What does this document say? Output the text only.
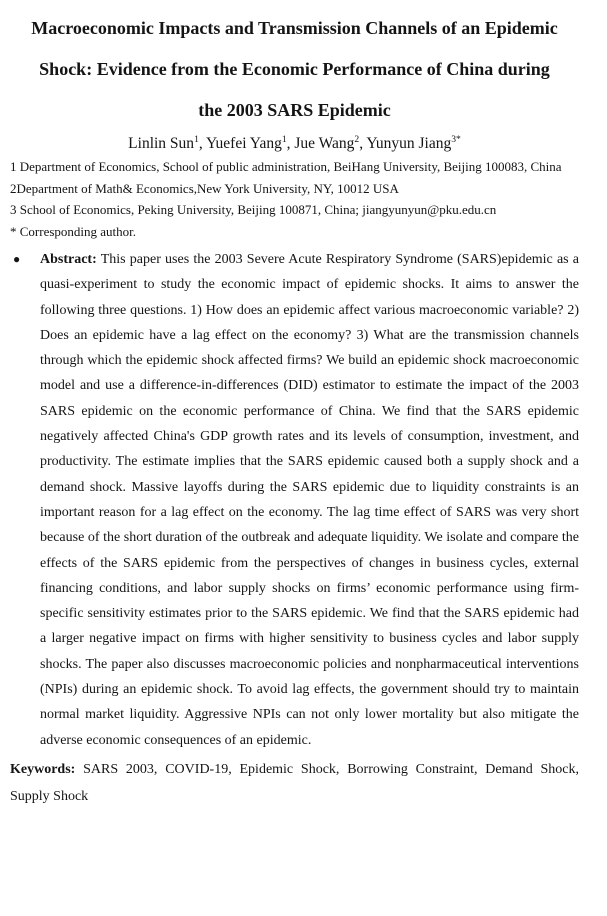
Macroeconomic Impacts and Transmission Channels of an Epidemic
Shock: Evidence from the Economic Performance of China during
the 2003 SARS Epidemic
Linlin Sun$^1$, Yuefei Yang$^1$, Jue Wang$^2$, Yunyun Jiang$^{3*}$

1 Department of Economics, School of public administration, BeiHang University, Beijing 100083, China

2Department of Math& Economics,New York University, NY, 10012 USA

3 School of Economics, Peking University, Beijing 100871, China; jiangyunyun@pku.edu.cn

* Corresponding author.

●	Abstract: This paper uses the 2003 Severe Acute Respiratory Syndrome (SARS)epidemic as a quasi-experiment to study the economic impact of epidemic shocks. It aims to answer the following three questions. 1) How does an epidemic affect various macroeconomic variable? 2) Does an epidemic have a lag effect on the economy? 3) What are the transmission channels through which the epidemic shock affected firms? We build an epidemic shock macroeconomic model and use a difference-in-differences (DID) estimator to estimate the impact of the 2003 SARS epidemic on the economic performance of China. We find that the SARS epidemic negatively affected China's GDP growth rates and its levels of consumption, investment, and productivity. The estimate implies that the SARS epidemic caused both a supply shock and a demand shock. Massive layoffs during the SARS epidemic due to liquidity constraints is an important reason for a lag effect on the economy. The lag time effect of SARS was very short because of the short duration of the outbreak and adequate liquidity. We isolate and compare the effects of the SARS epidemic from the perspectives of changes in business cycles, external financing conditions, and labor supply shocks on firms’ economic performance using firm-specific sensitivity estimates prior to the SARS epidemic. We find that the SARS epidemic had a larger negative impact on firms with higher sensitivity to business cycles and labor supply shocks. The paper also discusses macroeconomic policies and nonpharmaceutical interventions (NPIs) during an epidemic shock. To avoid lag effects, the government should try to maintain normal market liquidity. Aggressive NPIs can not only lower mortality but also mitigate the adverse economic consequences of an epidemic.

Keywords: SARS 2003, COVID-19, Epidemic Shock, Borrowing Constraint, Demand Shock, Supply Shock
